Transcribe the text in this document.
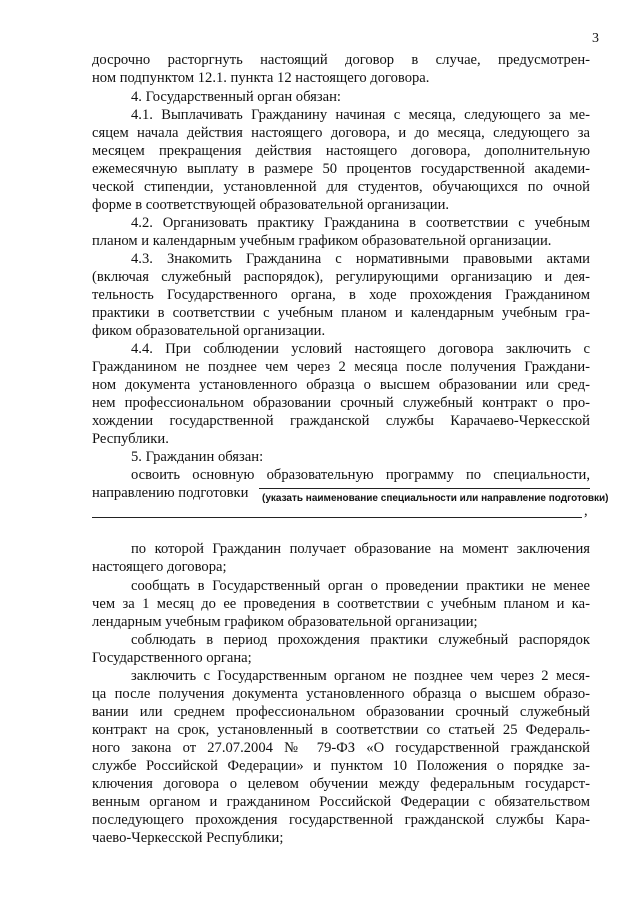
3
досрочно расторгнуть настоящий договор в случае, предусмотрен-
ном подпунктом 12.1. пункта 12 настоящего договора.
4. Государственный орган обязан:
4.1. Выплачивать Гражданину начиная с месяца, следующего за ме-
сяцем начала действия настоящего договора, и до месяца, следующего за
месяцем прекращения действия настоящего договора, дополнительную
ежемесячную выплату в размере 50 процентов государственной академи-
ческой стипендии, установленной для студентов, обучающихся по очной
форме в соответствующей образовательной организации.
4.2. Организовать практику Гражданина в соответствии с учебным
планом и календарным учебным графиком образовательной организации.
4.3. Знакомить Гражданина с нормативными правовыми актами
(включая служебный распорядок), регулирующими организацию и дея-
тельность Государственного органа, в ходе прохождения Гражданином
практики в соответствии с учебным планом и календарным учебным гра-
фиком образовательной организации.
4.4. При соблюдении условий настоящего договора заключить с
Гражданином не позднее чем через 2 месяца после получения Граждани-
ном документа установленного образца о высшем образовании или сред-
нем профессиональном образовании срочный служебный контракт о про-
хождении государственной гражданской службы Карачаево-Черкесской
Республики.
5. Гражданин обязан:
освоить основную образовательную программу по специальности,
направлению подготовки (указать наименование специальности или направление подготовки)
,
по которой Гражданин получает образование на момент заключения
настоящего договора;
сообщать в Государственный орган о проведении практики не менее
чем за 1 месяц до ее проведения в соответствии с учебным планом и ка-
лендарным учебным графиком образовательной организации;
соблюдать в период прохождения практики служебный распорядок
Государственного органа;
заключить с Государственным органом не позднее чем через 2 меся-
ца после получения документа установленного образца о высшем образо-
вании или среднем профессиональном образовании срочный служебный
контракт на срок, установленный в соответствии со статьей 25 Федераль-
ного закона от 27.07.2004 № 79-ФЗ «О государственной гражданской
службе Российской Федерации» и пунктом 10 Положения о порядке за-
ключения договора о целевом обучении между федеральным государст-
венным органом и гражданином Российской Федерации с обязательством
последующего прохождения государственной гражданской службы Кара-
чаево-Черкесской Республики;
